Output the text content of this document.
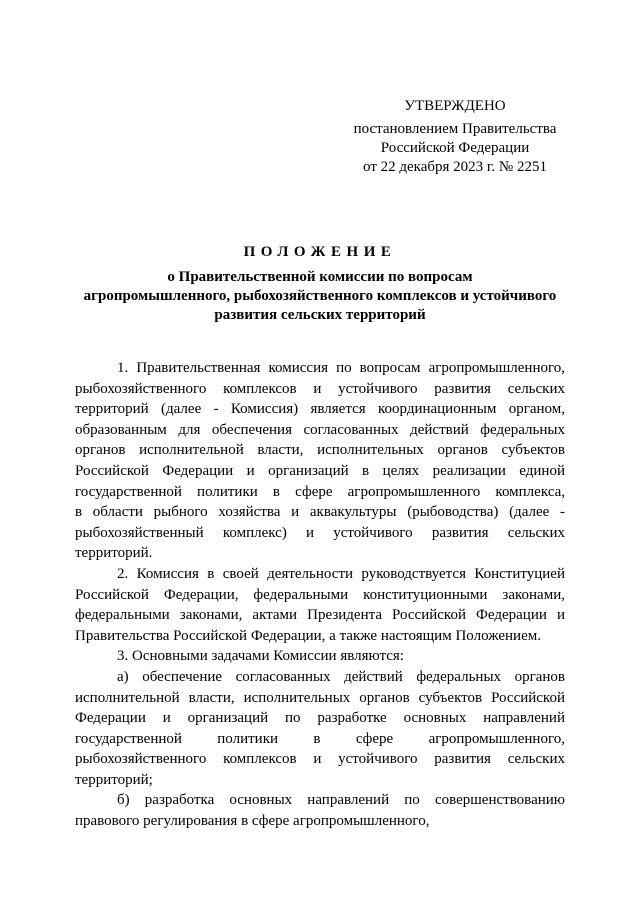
УТВЕРЖДЕНО
постановлением Правительства
Российской Федерации
от 22 декабря 2023 г. № 2251
ПОЛОЖЕНИЕ
о Правительственной комиссии по вопросам
агропромышленного, рыбохозяйственного комплексов и устойчивого
развития сельских территорий
1. Правительственная комиссия по вопросам агропромышленного,
рыбохозяйственного комплексов и устойчивого развития сельских
территорий (далее - Комиссия) является координационным органом,
образованным для обеспечения согласованных действий федеральных
органов исполнительной власти, исполнительных органов субъектов
Российской Федерации и организаций в целях реализации единой
государственной политики в сфере агропромышленного комплекса,
в области рыбного хозяйства и аквакультуры (рыбоводства) (далее -
рыбохозяйственный комплекс) и устойчивого развития сельских
территорий.
2. Комиссия в своей деятельности руководствуется Конституцией
Российской Федерации, федеральными конституционными законами,
федеральными законами, актами Президента Российской Федерации и
Правительства Российской Федерации, а также настоящим Положением.
3. Основными задачами Комиссии являются:
а) обеспечение согласованных действий федеральных органов
исполнительной власти, исполнительных органов субъектов Российской
Федерации и организаций по разработке основных направлений
государственной политики в сфере агропромышленного,
рыбохозяйственного комплексов и устойчивого развития сельских
территорий;
б) разработка основных направлений по совершенствованию
правового регулирования в сфере агропромышленного,
